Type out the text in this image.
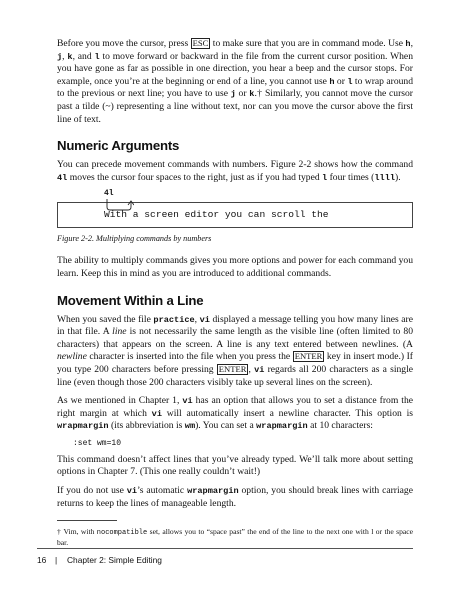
Before you move the cursor, press ESC to make sure that you are in command mode. Use h, j, k, and l to move forward or backward in the file from the current cursor position. When you have gone as far as possible in one direction, you hear a beep and the cursor stops. For example, once you’re at the beginning or end of a line, you cannot use h or l to wrap around to the previous or next line; you have to use j or k.† Similarly, you cannot move the cursor past a tilde (~) representing a line without text, nor can you move the cursor above the first line of text.

Numeric Arguments

You can precede movement commands with numbers. Figure 2-2 shows how the command 4l moves the cursor four spaces to the right, just as if you had typed l four times (llll).

4l
With a screen editor you can scroll the
Figure 2-2. Multiplying commands by numbers

The ability to multiply commands gives you more options and power for each command you learn. Keep this in mind as you are introduced to additional commands.

Movement Within a Line

When you saved the file practice, vi displayed a message telling you how many lines are in that file. A line is not necessarily the same length as the visible line (often limited to 80 characters) that appears on the screen. A line is any text entered between newlines. (A newline character is inserted into the file when you press the ENTER key in insert mode.) If you type 200 characters before pressing ENTER , vi regards all 200 characters as a single line (even though those 200 characters visibly take up several lines on the screen).

As we mentioned in Chapter 1, vi has an option that allows you to set a distance from the right margin at which vi will automatically insert a newline character. This option is wrapmargin (its abbreviation is wm). You can set a wrapmargin at 10 characters:

:set wm=10

This command doesn’t affect lines that you’ve already typed. We’ll talk more about setting options in Chapter 7. (This one really couldn’t wait!)

If you do not use vi’s automatic wrapmargin option, you should break lines with carriage returns to keep the lines of manageable length.

† Vim, with nocompatible set, allows you to “space past” the end of the line to the next one with l or the space bar.

16 | Chapter 2: Simple Editing
